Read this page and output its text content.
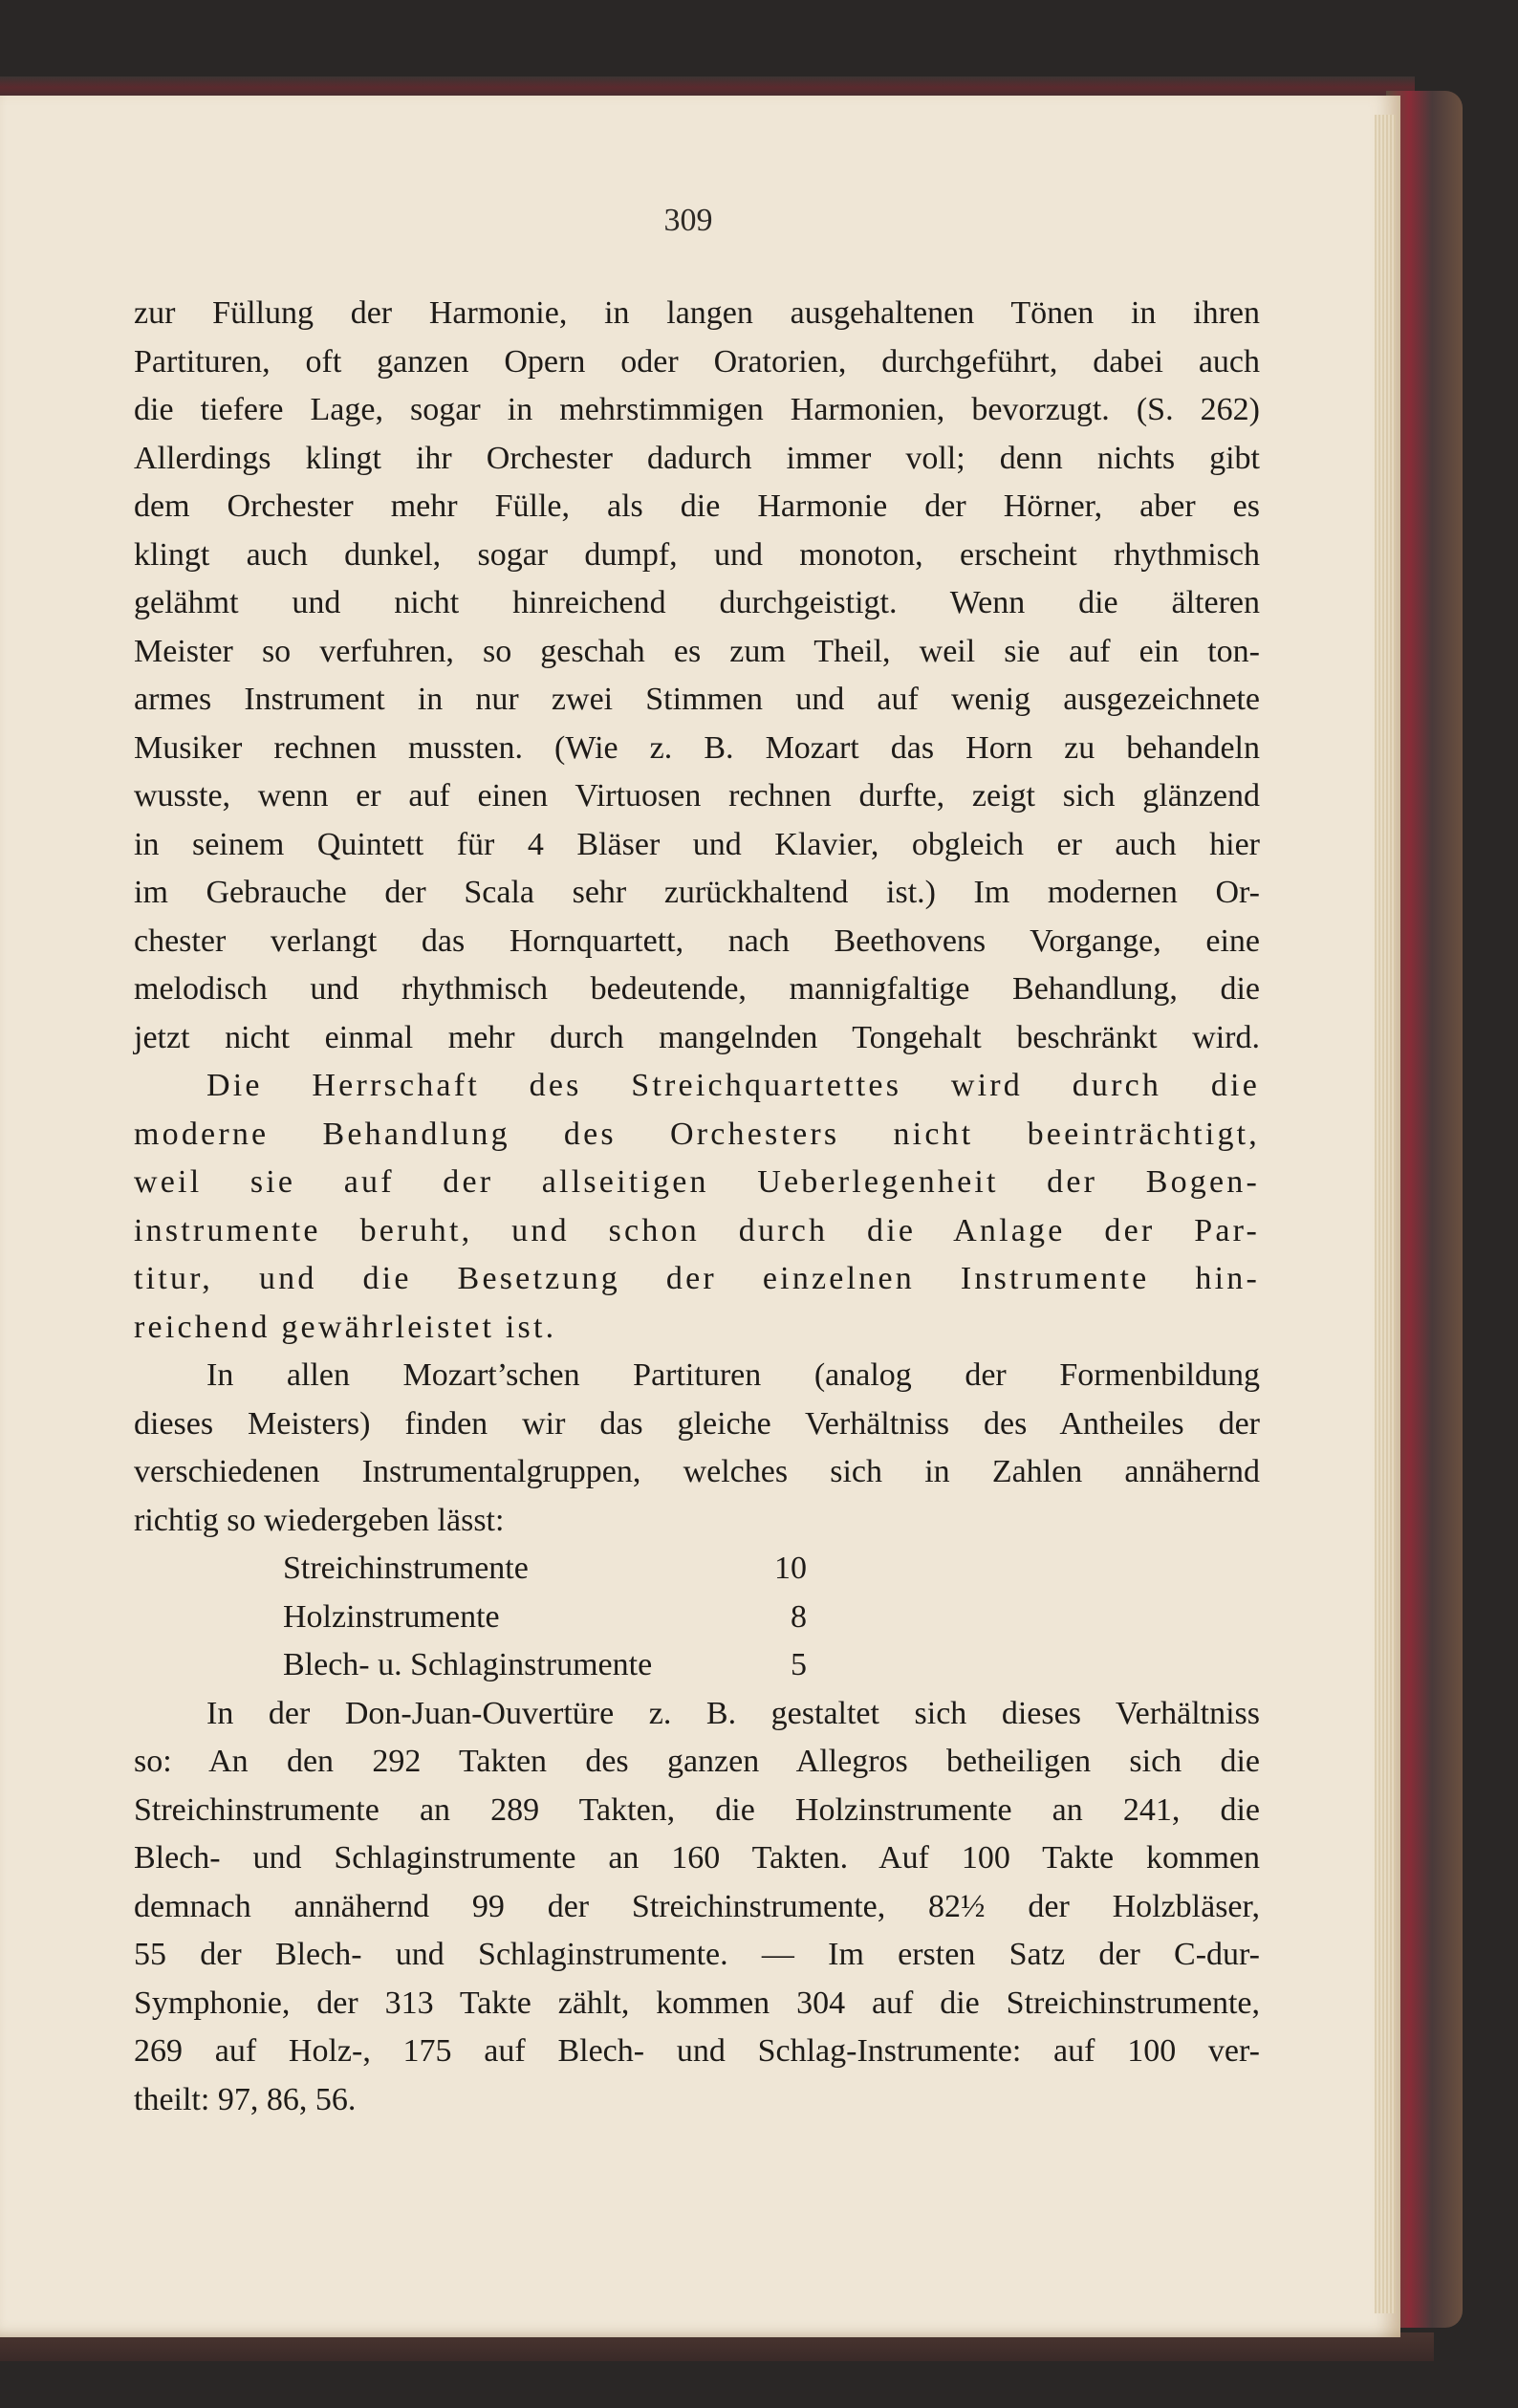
309
zur Füllung der Harmonie, in langen ausgehaltenen Tönen in ihren
Partituren, oft ganzen Opern oder Oratorien, durchgeführt, dabei auch
die tiefere Lage, sogar in mehrstimmigen Harmonien, bevorzugt. (S. 262)
Allerdings klingt ihr Orchester dadurch immer voll; denn nichts gibt
dem Orchester mehr Fülle, als die Harmonie der Hörner, aber es
klingt auch dunkel, sogar dumpf, und monoton, erscheint rhythmisch
gelähmt und nicht hinreichend durchgeistigt. Wenn die älteren
Meister so verfuhren, so geschah es zum Theil, weil sie auf ein ton-
armes Instrument in nur zwei Stimmen und auf wenig ausgezeichnete
Musiker rechnen mussten. (Wie z. B. Mozart das Horn zu behandeln
wusste, wenn er auf einen Virtuosen rechnen durfte, zeigt sich glänzend
in seinem Quintett für 4 Bläser und Klavier, obgleich er auch hier
im Gebrauche der Scala sehr zurückhaltend ist.) Im modernen Or-
chester verlangt das Hornquartett, nach Beethovens Vorgange, eine
melodisch und rhythmisch bedeutende, mannigfaltige Behandlung, die
jetzt nicht einmal mehr durch mangelnden Tongehalt beschränkt wird.
Die Herrschaft des Streichquartettes wird durch die
moderne Behandlung des Orchesters nicht beeinträchtigt,
weil sie auf der allseitigen Ueberlegenheit der Bogen-
instrumente beruht, und schon durch die Anlage der Par-
titur, und die Besetzung der einzelnen Instrumente hin-
reichend gewährleistet ist.
In allen Mozart’schen Partituren (analog der Formenbildung
dieses Meisters) finden wir das gleiche Verhältniss des Antheiles der
verschiedenen Instrumentalgruppen, welches sich in Zahlen annähernd
richtig so wiedergeben lässt:
Streichinstrumente	10
Holzinstrumente	8
Blech- u. Schlaginstrumente	5
In der Don-Juan-Ouvertüre z. B. gestaltet sich dieses Verhältniss
so: An den 292 Takten des ganzen Allegros betheiligen sich die
Streichinstrumente an 289 Takten, die Holzinstrumente an 241, die
Blech- und Schlaginstrumente an 160 Takten. Auf 100 Takte kommen
demnach annähernd 99 der Streichinstrumente, 82½ der Holzbläser,
55 der Blech- und Schlaginstrumente. — Im ersten Satz der C-dur-
Symphonie, der 313 Takte zählt, kommen 304 auf die Streichinstrumente,
269 auf Holz-, 175 auf Blech- und Schlag-Instrumente: auf 100 ver-
theilt: 97, 86, 56.
